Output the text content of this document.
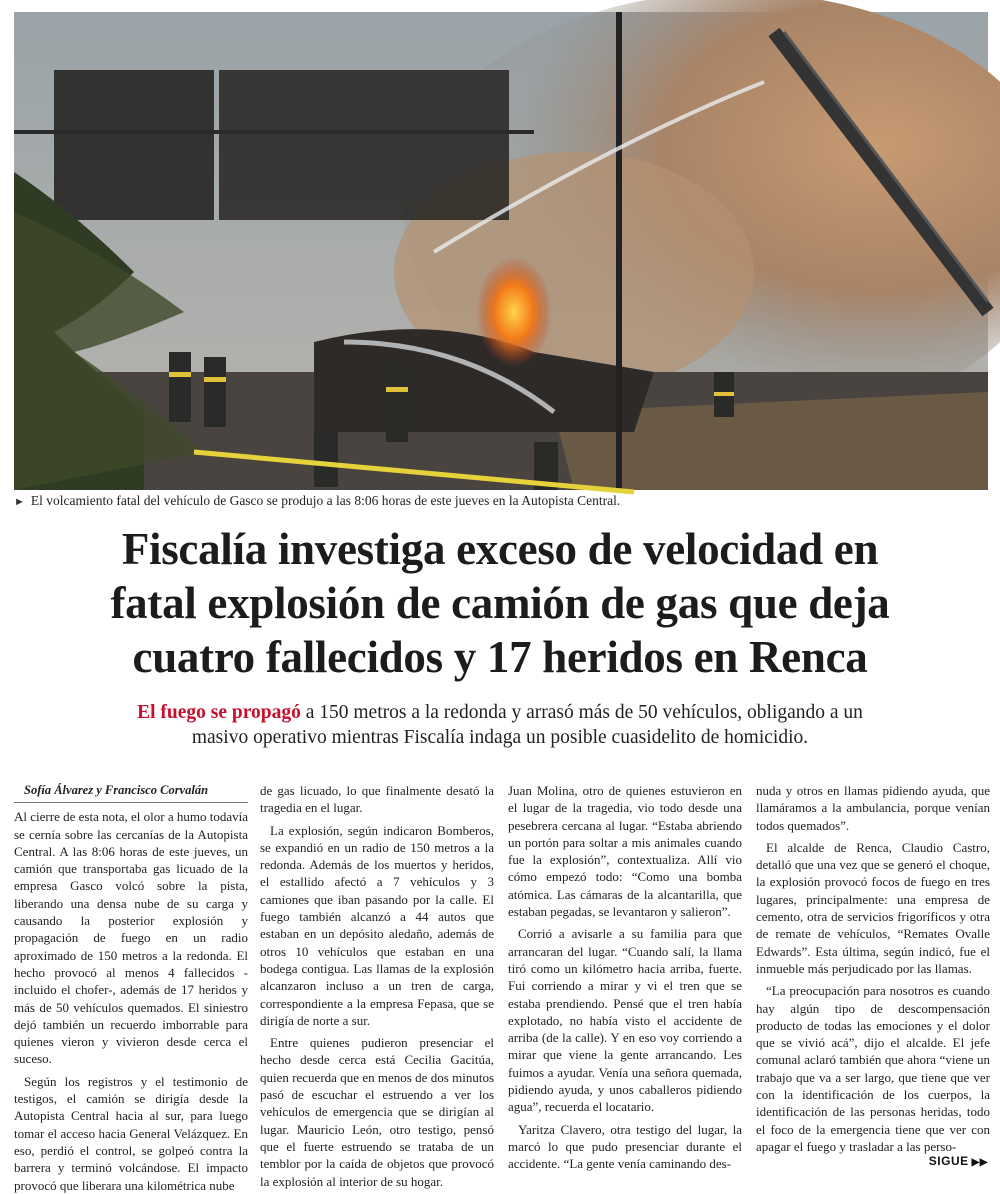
► El volcamiento fatal del vehículo de Gasco se produjo a las 8:06 horas de este jueves en la Autopista Central.
Fiscalía investiga exceso de velocidad en
fatal explosión de camión de gas que deja
cuatro fallecidos y 17 heridos en Renca
El fuego se propagó a 150 metros a la redonda y arrasó más de 50 vehículos, obligando a un
masivo operativo mientras Fiscalía indaga un posible cuasidelito de homicidio.

Sofía Álvarez y Francisco Corvalán

Al cierre de esta nota, el olor a humo todavía se cernía sobre las cercanías de la Autopista Central. A las 8:06 horas de este jueves, un camión que transportaba gas licuado de la empresa Gasco volcó sobre la pista, liberando una densa nube de su carga y causando la posterior explosión y propagación de fuego en un radio aproximado de 150 metros a la redonda. El hecho provocó al menos 4 fallecidos -incluido el chofer-, además de 17 heridos y más de 50 vehículos quemados. El siniestro dejó también un recuerdo imborrable para quienes vieron y vivieron desde cerca el suceso.

Según los registros y el testimonio de testigos, el camión se dirigía desde la Autopista Central hacia al sur, para luego tomar el acceso hacia General Velázquez. En eso, perdió el control, se golpeó contra la barrera y terminó volcándose. El impacto provocó que liberara una kilométrica nube

de gas licuado, lo que finalmente desató la tragedia en el lugar.

La explosión, según indicaron Bomberos, se expandió en un radio de 150 metros a la redonda. Además de los muertos y heridos, el estallido afectó a 7 vehículos y 3 camiones que iban pasando por la calle. El fuego también alcanzó a 44 autos que estaban en un depósito aledaño, además de otros 10 vehículos que estaban en una bodega contigua. Las llamas de la explosión alcanzaron incluso a un tren de carga, correspondiente a la empresa Fepasa, que se dirigía de norte a sur.

Entre quienes pudieron presenciar el hecho desde cerca está Cecilia Gacitúa, quien recuerda que en menos de dos minutos pasó de escuchar el estruendo a ver los vehículos de emergencia que se dirigían al lugar. Mauricio León, otro testigo, pensó que el fuerte estruendo se trataba de un temblor por la caída de objetos que provocó la explosión al interior de su hogar.

Juan Molina, otro de quienes estuvieron en el lugar de la tragedia, vio todo desde una pesebrera cercana al lugar. “Estaba abriendo un portón para soltar a mis animales cuando fue la explosión”, contextualiza. Allí vio cómo empezó todo: “Como una bomba atómica. Las cámaras de la alcantarilla, que estaban pegadas, se levantaron y salieron”.

Corrió a avisarle a su familia para que arrancaran del lugar. “Cuando salí, la llama tiró como un kilómetro hacia arriba, fuerte. Fui corriendo a mirar y vi el tren que se estaba prendiendo. Pensé que el tren había explotado, no había visto el accidente de arriba (de la calle). Y en eso voy corriendo a mirar que viene la gente arrancando. Les fuimos a ayudar. Venía una señora quemada, pidiendo ayuda, y unos caballeros pidiendo agua”, recuerda el locatario.

Yaritza Clavero, otra testigo del lugar, la marcó lo que pudo presenciar durante el accidente. “La gente venía caminando des-

nuda y otros en llamas pidiendo ayuda, que llamáramos a la ambulancia, porque venían todos quemados”.

El alcalde de Renca, Claudio Castro, detalló que una vez que se generó el choque, la explosión provocó focos de fuego en tres lugares, principalmente: una empresa de cemento, otra de servicios frigoríficos y otra de remate de vehículos, “Remates Ovalle Edwards”. Esta última, según indicó, fue el inmueble más perjudicado por las llamas.

“La preocupación para nosotros es cuando hay algún tipo de descompensación producto de todas las emociones y el dolor que se vivió acá”, dijo el alcalde. El jefe comunal aclaró también que ahora “viene un trabajo que va a ser largo, que tiene que ver con la identificación de los cuerpos, la identificación de las personas heridas, todo el foco de la emergencia tiene que ver con apagar el fuego y trasladar a las perso-

SIGUE ▶▶
